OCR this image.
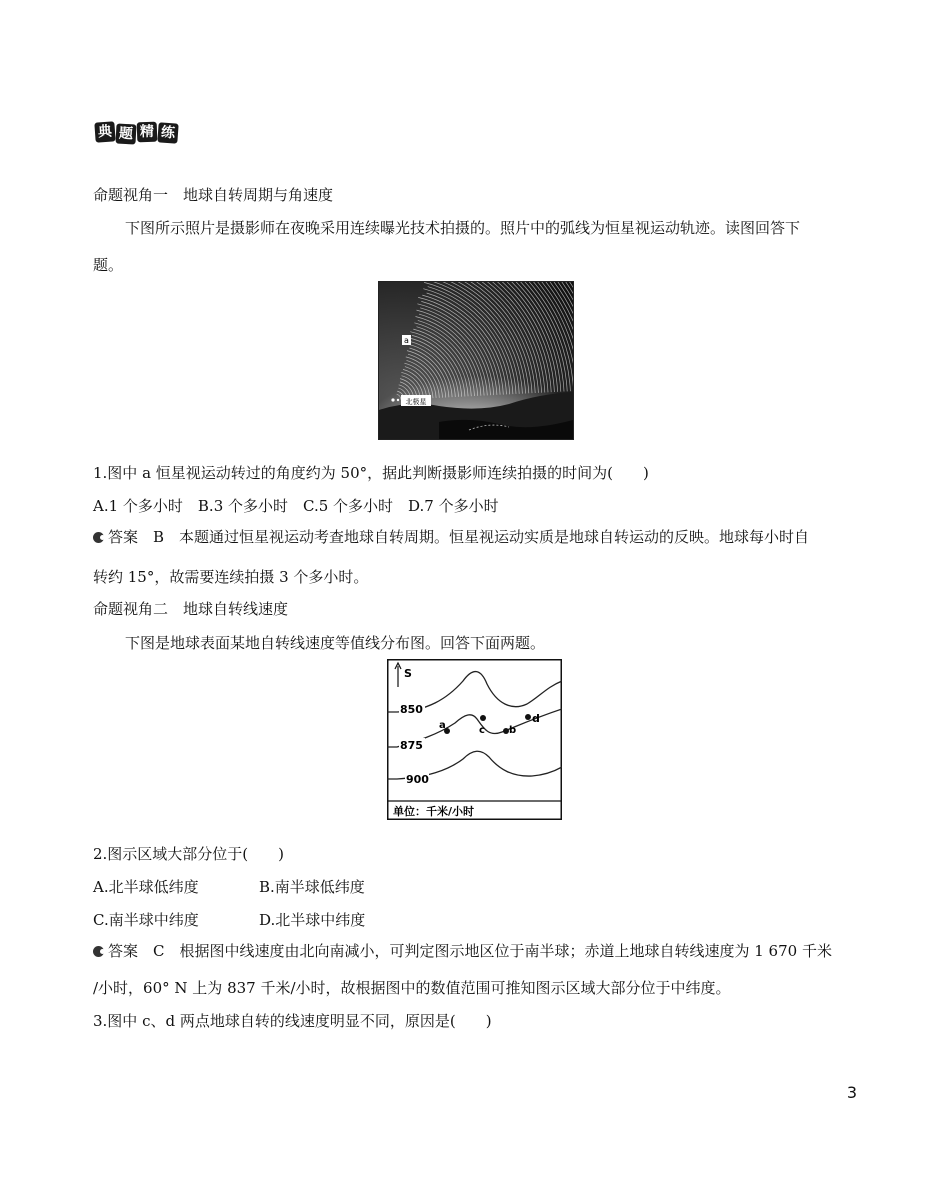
典 题 精 练
命题视角一　地球自转周期与角速度
下图所示照片是摄影师在夜晚采用连续曝光技术拍摄的。照片中的弧线为恒星视运动轨迹。读图回答下
题。
a
北极星
1.图中 a 恒星视运动转过的角度约为 50°，据此判断摄影师连续拍摄的时间为(　　)
A.1 个多小时　B.3 个多小时　C.5 个多小时　D.7 个多小时
答案　B　本题通过恒星视运动考查地球自转周期。恒星视运动实质是地球自转运动的反映。地球每小时自
转约 15°，故需要连续拍摄 3 个多小时。
命题视角二　地球自转线速度
下图是地球表面某地自转线速度等值线分布图。回答下面两题。
S
850
875
900
a	c b
d
单位：千米/小时
2.图示区域大部分位于(　　)
A.北半球低纬度	B.南半球低纬度
C.南半球中纬度	D.北半球中纬度
答案　C　根据图中线速度由北向南减小，可判定图示地区位于南半球；赤道上地球自转线速度为 1 670 千米
/小时，60° N 上为 837 千米/小时，故根据图中的数值范围可推知图示区域大部分位于中纬度。
3.图中 c、d 两点地球自转的线速度明显不同，原因是(　　)
3
